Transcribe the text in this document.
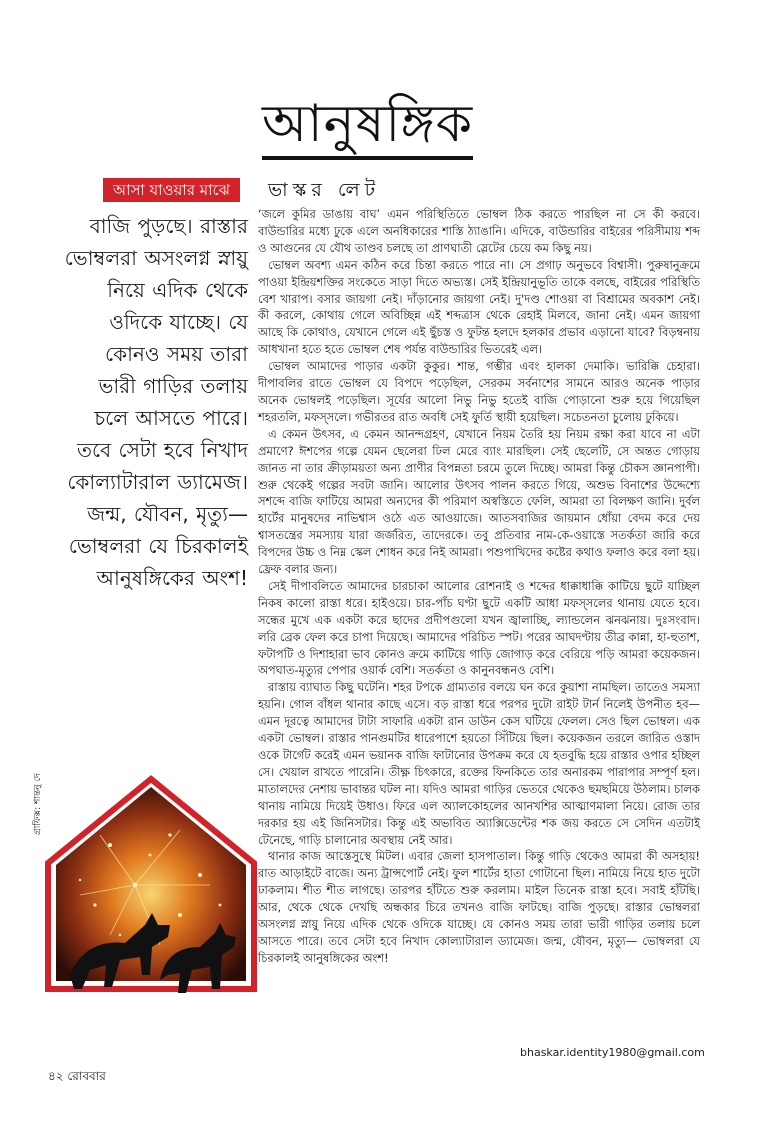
আনুষঙ্গিক
আসা যাওয়ার মাঝে	ভাস্কর লেট
বাজি পুড়ছে। রাস্তার ভোম্বলরা অসংলগ্ন স্নায়ু নিয়ে এদিক থেকে ওদিকে যাচ্ছে। যে কোনও সময় তারা ভারী গাড়ির তলায় চলে আসতে পারে। তবে সেটা হবে নিখাদ কোল্যাটারাল ড্যামেজ। জন্ম, যৌবন, মৃত্যু— ভোম্বলরা যে চিরকালই আনুষঙ্গিকের অংশ!
গ্রাফিক্স: শান্তনু দে

‘জলে কুমির ডাঙায় বাঘ’ এমন পরিস্থিতিতে ভোম্বল ঠিক করতে পারছিল না সে কী করবে। বাউন্ডারির মধ্যে ঢুকে এলে অনধিকারের শাস্তি ঠ্যাঙানি। এদিকে, বাউন্ডারির বাইরের পরিসীমায় শব্দ ও আগুনের যে যৌথ তাণ্ডব চলছে তা প্রাণঘাতী স্লেটের চেয়ে কম কিছু নয়।

ভোম্বল অবশ্য এমন কঠিন করে চিন্তা করতে পারে না। সে প্রগাঢ় অনুভবে বিশ্বাসী। পুরুষানুক্রমে পাওয়া ইন্দ্রিয়শক্তির সংকেতে সাড়া দিতে অভ্যস্ত। সেই ইন্দ্রিয়ানুভূতি তাকে বলছে, বাইরের পরিস্থিতি বেশ খারাপ। বসার জায়গা নেই। দাঁড়ানোর জায়গা নেই। দু'দণ্ড শোওয়া বা বিশ্রামের অবকাশ নেই। কী করলে, কোথায় গেলে অবিচ্ছিন্ন এই শব্দত্রাস থেকে রেহাই মিলবে, জানা নেই। এমন জায়গা আছে কি কোথাও, যেখানে গেলে এই ছুঁচস্ত ও ফুটন্ত হলদে হলকার প্রভাব এড়ানো যাবে? বিড়ম্বনায় আধখানা হতে হতে ভোম্বল শেষ পর্যন্ত বাউন্ডারির ভিতরেই এল।

ভোম্বল আমাদের পাড়ার একটা কুকুর। শান্ত, গম্ভীর এবং হালকা দেমাকি। ভারিক্কি চেহারা। দীপাবলির রাতে ভোম্বল যে বিপদে পড়েছিল, সেরকম সর্বনাশের সামনে আরও অনেক পাড়ার অনেক ভোম্বলই পড়েছিল। সূর্যের আলো নিভু নিভু হতেই বাজি পোড়ানো শুরু হয়ে গিয়েছিল শহরতলি, মফস্সলে। গভীরতর রাত অবধি সেই ফুর্তি স্থায়ী হয়েছিল। সচেতনতা চুলোয় ঢুকিয়ে।

এ কেমন উৎসব, এ কেমন আনন্দগ্রহণ, যেখানে নিয়ম তৈরি হয় নিয়ম রক্ষা করা যাবে না এটা প্রমাণে? ঈশপের গল্পে যেমন ছেলেরা ঢিল মেরে ব্যাং মারছিল। সেই ছেলেটি, সে অন্তত গোড়ায় জানত না তার ক্রীড়াময়তা অন্য প্রাণীর বিপন্নতা চরমে তুলে দিচ্ছে। আমরা কিন্তু চৌকস জ্ঞানপাপী। শুরু থেকেই গল্পের সবটা জানি। আলোর উৎসব পালন করতে গিয়ে, অশুভ বিনাশের উদ্দেশ্যে সশব্দে বাজি ফাটিয়ে আমরা অন্যদের কী পরিমাণ অস্বস্তিতে ফেলি, আমরা তা বিলক্ষণ জানি। দুর্বল হার্টের মানুষদের নাভিশ্বাস ওঠে এত আওয়াজে। আতসবাজির জায়মান ধোঁয়া বেদম করে দেয় শ্বাসতন্ত্রের সমস্যায় যারা জর্জরিত, তাদেরকে। তবু প্রতিবার নাম-কে-ওয়াস্তে সতর্কতা জারি করে বিপদের উচ্চ ও নিম্ন স্কেল শোধন করে নিই আমরা। পশুপাখিদের কষ্টের কথাও ফলাও করে বলা হয়। ফ্রেফ বলার জন্য।

সেই দীপাবলিতে আমাদের চারচাকা আলোর রোশনাই ও শব্দের ধাক্কাধাক্কি কাটিয়ে ছুটে যাচ্ছিল নিকষ কালো রাস্তা ধরে। হাইওয়ে। চার-পাঁচ ঘণ্টা ছুটে একটি আধা মফস্সলের থানায় যেতে হবে। সন্ধের মুখে এক একটা করে ছাদের প্রদীপগুলো যখন জ্বালাচ্ছি, ল্যান্ডলেন ঝনঝনায়। দুঃসংবাদ। লরি ব্রেক ফেল করে চাপা দিয়েছে। আমাদের পরিচিত স্পট। পরের আঘদণ্টায় তীব্র কান্না, হা-হুতাশ, ফটাপটি ও দিশাহারা ভাব কোনও ক্রমে কাটিয়ে গাড়ি জোগাড় করে বেরিয়ে পড়ি আমরা কয়েকজন। অপঘাত-মৃত্যুর পেপার ওয়ার্ক বেশি। সতর্কতা ও কানুনবন্ধনও বেশি।

রাস্তায় ব্যাঘাত কিছু ঘটেনি। শহর টপকে গ্রাম্যতার বলয়ে ঘন করে কুয়াশা নামছিল। তাতেও সমস্যা হয়নি। গোল বাঁধল থানার কাছে এসে। বড় রাস্তা ধরে পরপর দুটো রাইট টার্ন নিলেই উপনীত হব— এমন দূরত্বে আমাদের টাটা সাফারি একটা রান ডাউন কেস ঘটিয়ে ফেলল। সেও ছিল ভোম্বল। এক একটা ভোম্বল। রাস্তার পানগুমটির ধারেপাশে হয়তো সিঁটিয়ে ছিল। কয়েকজন তরলে জারিত ওস্তাদ ওকে টার্গেট করেই এমন ভয়ানক বাজি ফাটানোর উপক্রম করে যে হতবুদ্ধি হয়ে রাস্তার ওপার হচ্ছিল সে। খেয়াল রাখতে পারেনি। তীক্ষ্ণ চিৎকারে, রক্তের ফিনকিতে তার অনারকম পারাপার সম্পূর্ণ হল। মাতালদের নেশায় ভাবান্তর ঘটল না। যদিও আমরা গাড়ির ভেতরে থেকেও ছমছমিয়ে উঠলাম। চালক থানায় নামিয়ে দিয়েই উধাও। ফিরে এল অ্যালকোহলের আনখশির আত্মাণমালা নিয়ে। রোজ তার দরকার হয় এই জিনিসটার। কিন্তু এই অভাবিত অ্যাক্সিডেন্টের শক জয় করতে সে সেদিন এতটাই টেনেছে, গাড়ি চালানোর অবস্থায় নেই আর।

থানার কাজ আস্তেসুস্থে মিটল। এবার জেলা হাসপাতাল। কিন্তু গাড়ি থেকেও আমরা কী অসহায়! রাত আড়াইটে বাজে। অন্য ট্রান্সপোর্ট নেই। ফুল শার্টের হাতা গোটানো ছিল। নামিয়ে নিয়ে হাত দুটো ঢাকলাম। শীত শীত লাগছে। তারপর হাঁটতে শুরু করলাম। মাইল তিনেক রাস্তা হবে। সবাই হাঁটছি। আর, থেকে থেকে দেখছি অন্ধকার চিরে তখনও বাজি ফাটছে। বাজি পুড়ছে। রাস্তার ভোম্বলরা অসংলগ্ন স্নায়ু নিয়ে এদিক থেকে ওদিকে যাচ্ছে। যে কোনও সময় তারা ভারী গাড়ির তলায় চলে আসতে পারে। তবে সেটা হবে নিখাদ কোল্যাটারাল ড্যামেজ। জন্ম, যৌবন, মৃত্যু— ভোম্বলরা যে চিরকালই আনুষঙ্গিকের অংশ!

bhaskar.identity1980@gmail.com
৪২ রোববার
